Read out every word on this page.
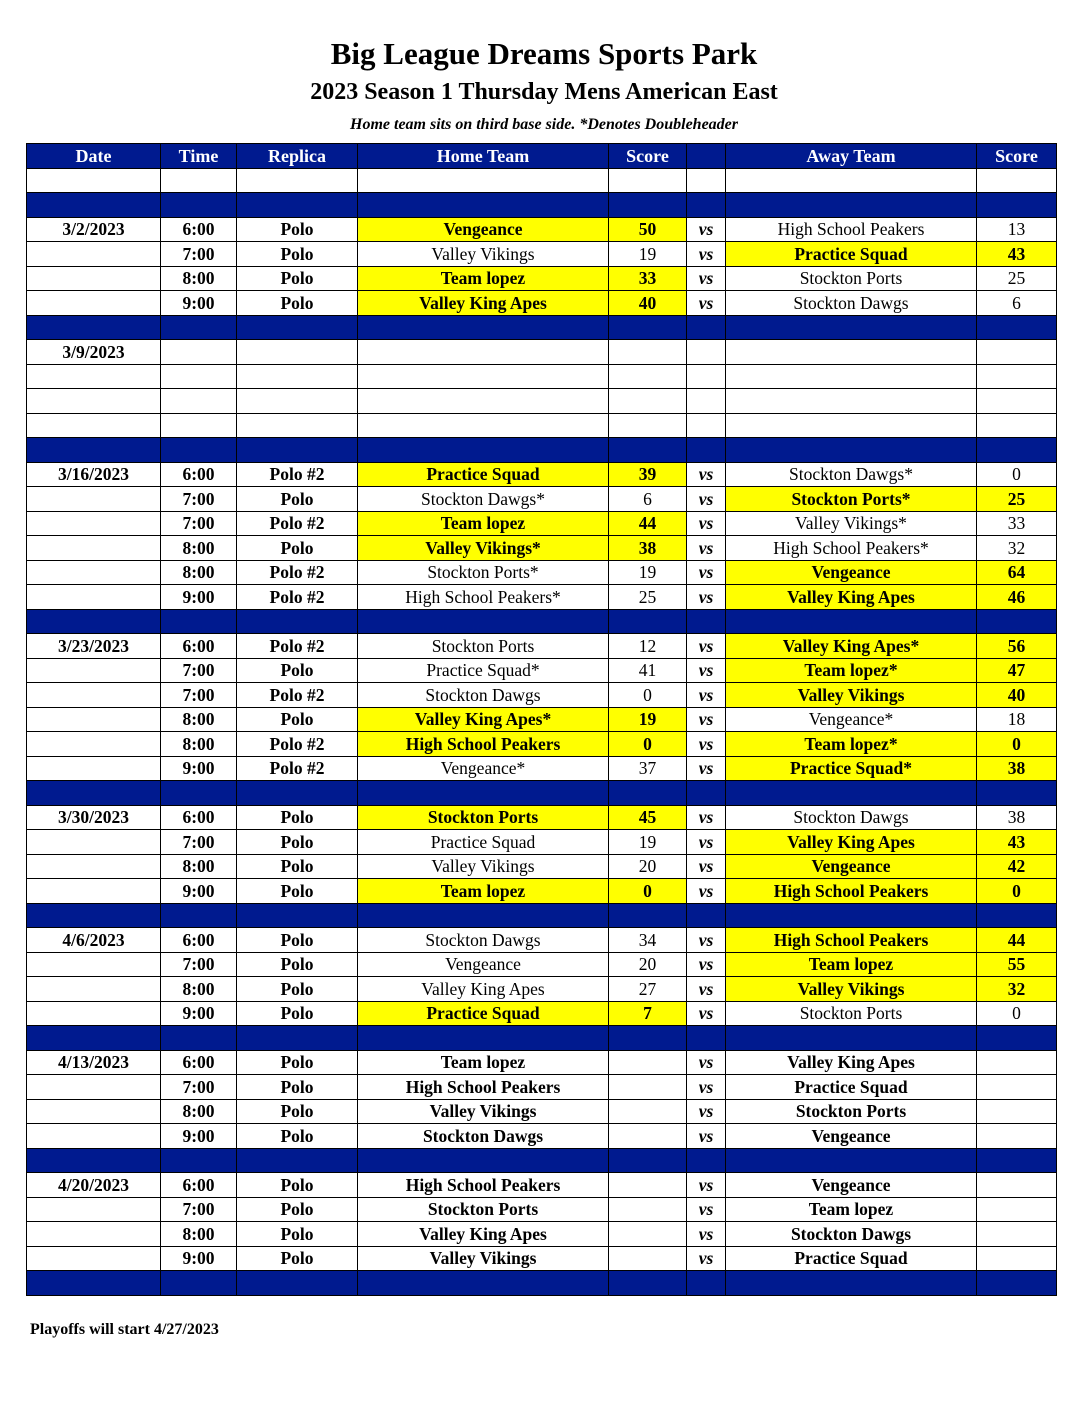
Big League Dreams Sports Park
2023 Season 1 Thursday Mens American East
Home team sits on third base side. *Denotes Doubleheader
Date	Time	Replica	Home Team	Score		Away Team	Score

3/2/2023	6:00	Polo	Vengeance	50	vs	High School Peakers	13
	7:00	Polo	Valley Vikings	19	vs	Practice Squad	43
	8:00	Polo	Team lopez	33	vs	Stockton Ports	25
	9:00	Polo	Valley King Apes	40	vs	Stockton Dawgs	6

3/9/2023							

3/16/2023	6:00	Polo #2	Practice Squad	39	vs	Stockton Dawgs*	0
	7:00	Polo	Stockton Dawgs*	6	vs	Stockton Ports*	25
	7:00	Polo #2	Team lopez	44	vs	Valley Vikings*	33
	8:00	Polo	Valley Vikings*	38	vs	High School Peakers*	32
	8:00	Polo #2	Stockton Ports*	19	vs	Vengeance	64
	9:00	Polo #2	High School Peakers*	25	vs	Valley King Apes	46

3/23/2023	6:00	Polo #2	Stockton Ports	12	vs	Valley King Apes*	56
	7:00	Polo	Practice Squad*	41	vs	Team lopez*	47
	7:00	Polo #2	Stockton Dawgs	0	vs	Valley Vikings	40
	8:00	Polo	Valley King Apes*	19	vs	Vengeance*	18
	8:00	Polo #2	High School Peakers	0	vs	Team lopez*	0
	9:00	Polo #2	Vengeance*	37	vs	Practice Squad*	38

3/30/2023	6:00	Polo	Stockton Ports	45	vs	Stockton Dawgs	38
	7:00	Polo	Practice Squad	19	vs	Valley King Apes	43
	8:00	Polo	Valley Vikings	20	vs	Vengeance	42
	9:00	Polo	Team lopez	0	vs	High School Peakers	0

4/6/2023	6:00	Polo	Stockton Dawgs	34	vs	High School Peakers	44
	7:00	Polo	Vengeance	20	vs	Team lopez	55
	8:00	Polo	Valley King Apes	27	vs	Valley Vikings	32
	9:00	Polo	Practice Squad	7	vs	Stockton Ports	0

4/13/2023	6:00	Polo	Team lopez		vs	Valley King Apes	
	7:00	Polo	High School Peakers		vs	Practice Squad	
	8:00	Polo	Valley Vikings		vs	Stockton Ports	
	9:00	Polo	Stockton Dawgs		vs	Vengeance	

4/20/2023	6:00	Polo	High School Peakers		vs	Vengeance	
	7:00	Polo	Stockton Ports		vs	Team lopez	
	8:00	Polo	Valley King Apes		vs	Stockton Dawgs	
	9:00	Polo	Valley Vikings		vs	Practice Squad	

Playoffs will start 4/27/2023
